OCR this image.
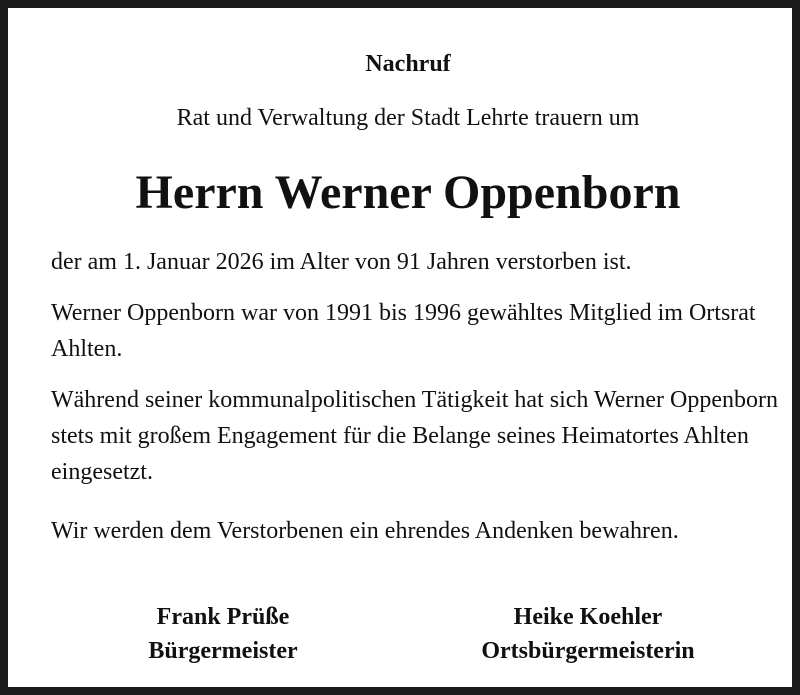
Nachruf
Rat und Verwaltung der Stadt Lehrte trauern um
Herrn Werner Oppenborn

der am 1. Januar 2026 im Alter von 91 Jahren verstorben ist.

Werner Oppenborn war von 1991 bis 1996 gewähltes Mitglied im Ortsrat Ahlten.

Während seiner kommunalpolitischen Tätigkeit hat sich Werner Oppenborn stets mit großem Engagement für die Belange seines Heimatortes Ahlten eingesetzt.

Wir werden dem Verstorbenen ein ehrendes Andenken bewahren.

Frank Prüße
Bürgermeister
Heike Koehler
Ortsbürgermeisterin
